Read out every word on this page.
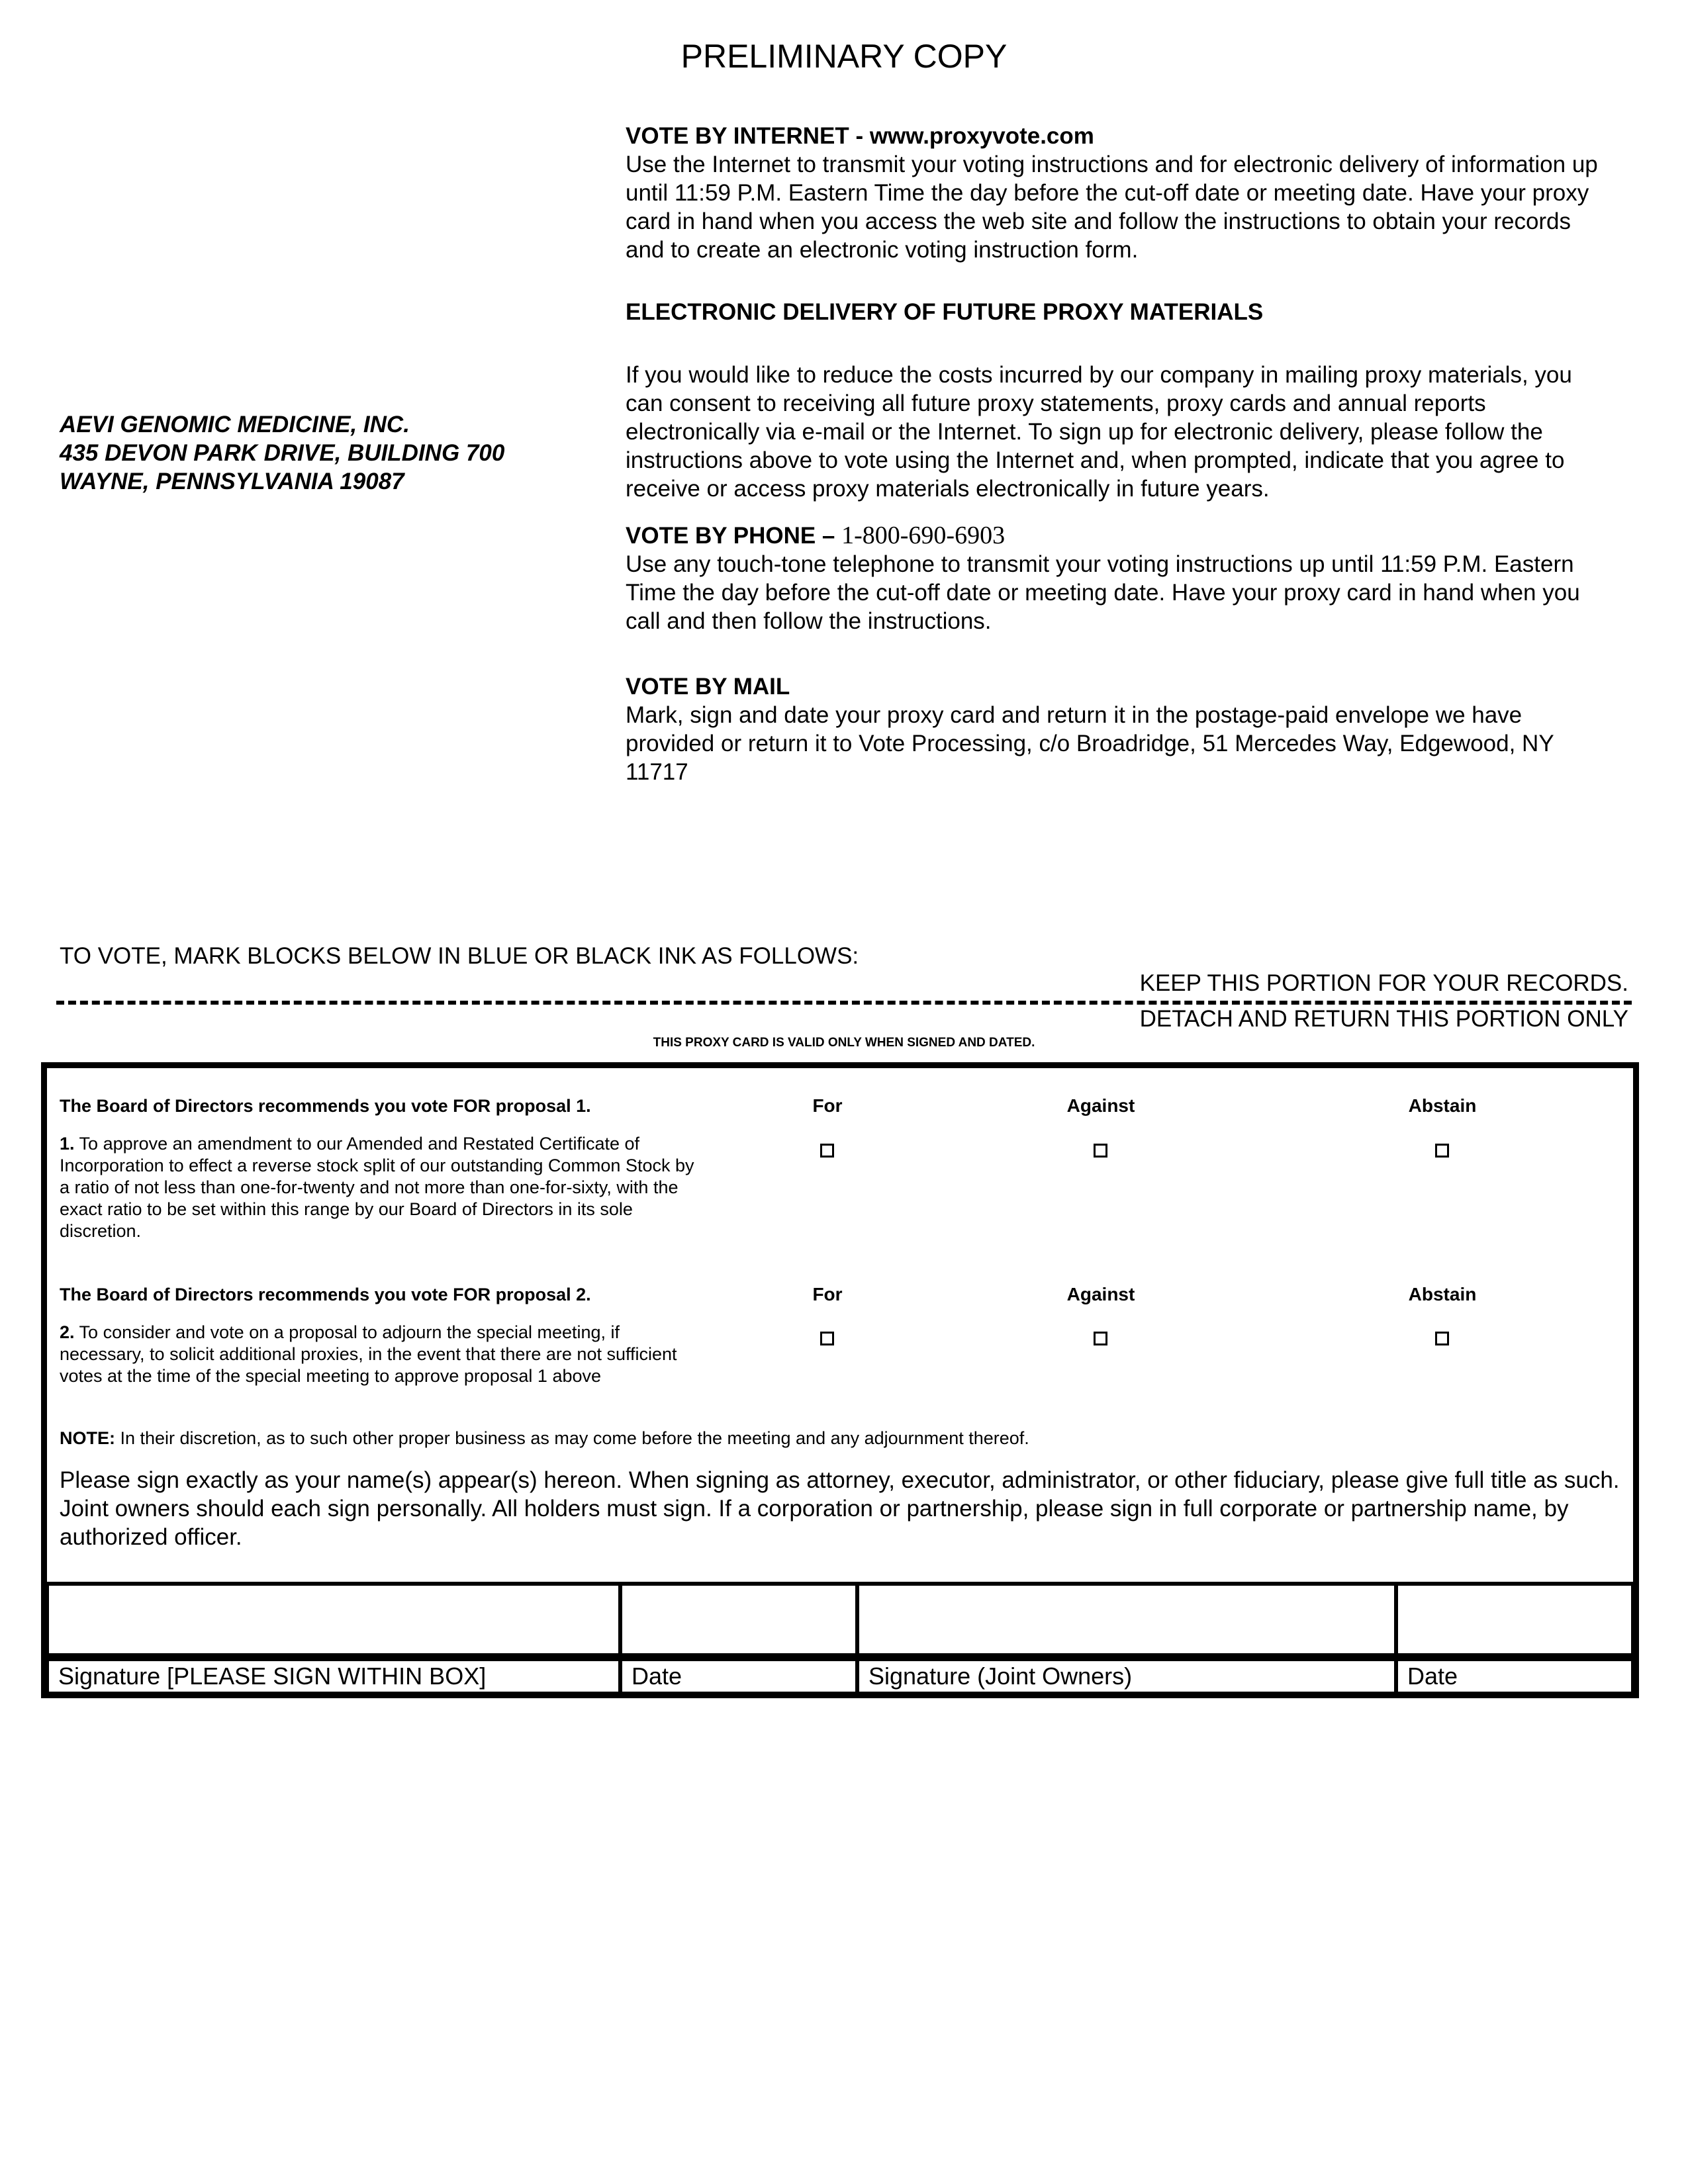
PRELIMINARY COPY
VOTE BY INTERNET - www.proxyvote.com
Use the Internet to transmit your voting instructions and for electronic delivery of information up until 11:59 P.M. Eastern Time the day before the cut-off date or meeting date. Have your proxy card in hand when you access the web site and follow the instructions to obtain your records and to create an electronic voting instruction form.
ELECTRONIC DELIVERY OF FUTURE PROXY MATERIALS
If you would like to reduce the costs incurred by our company in mailing proxy materials, you can consent to receiving all future proxy statements, proxy cards and annual reports electronically via e-mail or the Internet. To sign up for electronic delivery, please follow the instructions above to vote using the Internet and, when prompted, indicate that you agree to receive or access proxy materials electronically in future years.
VOTE BY PHONE – 1-800-690-6903
Use any touch-tone telephone to transmit your voting instructions up until 11:59 P.M. Eastern Time the day before the cut-off date or meeting date. Have your proxy card in hand when you call and then follow the instructions.
VOTE BY MAIL
Mark, sign and date your proxy card and return it in the postage-paid envelope we have provided or return it to Vote Processing, c/o Broadridge, 51 Mercedes Way, Edgewood, NY 11717
AEVI GENOMIC MEDICINE, INC.
435 DEVON PARK DRIVE, BUILDING 700
WAYNE, PENNSYLVANIA 19087
TO VOTE, MARK BLOCKS BELOW IN BLUE OR BLACK INK AS FOLLOWS:
KEEP THIS PORTION FOR YOUR RECORDS.
DETACH AND RETURN THIS PORTION ONLY
THIS PROXY CARD IS VALID ONLY WHEN SIGNED AND DATED.
The Board of Directors recommends you vote FOR proposal 1.	For	Against	Abstain
1. To approve an amendment to our Amended and Restated Certificate of Incorporation to effect a reverse stock split of our outstanding Common Stock by a ratio of not less than one-for-twenty and not more than one-for-sixty, with the exact ratio to be set within this range by our Board of Directors in its sole discretion.
The Board of Directors recommends you vote FOR proposal 2.	For	Against	Abstain
2. To consider and vote on a proposal to adjourn the special meeting, if necessary, to solicit additional proxies, in the event that there are not sufficient votes at the time of the special meeting to approve proposal 1 above
NOTE: In their discretion, as to such other proper business as may come before the meeting and any adjournment thereof.
Please sign exactly as your name(s) appear(s) hereon. When signing as attorney, executor, administrator, or other fiduciary, please give full title as such. Joint owners should each sign personally. All holders must sign. If a corporation or partnership, please sign in full corporate or partnership name, by authorized officer.
Signature [PLEASE SIGN WITHIN BOX]	Date	Signature (Joint Owners)	Date
